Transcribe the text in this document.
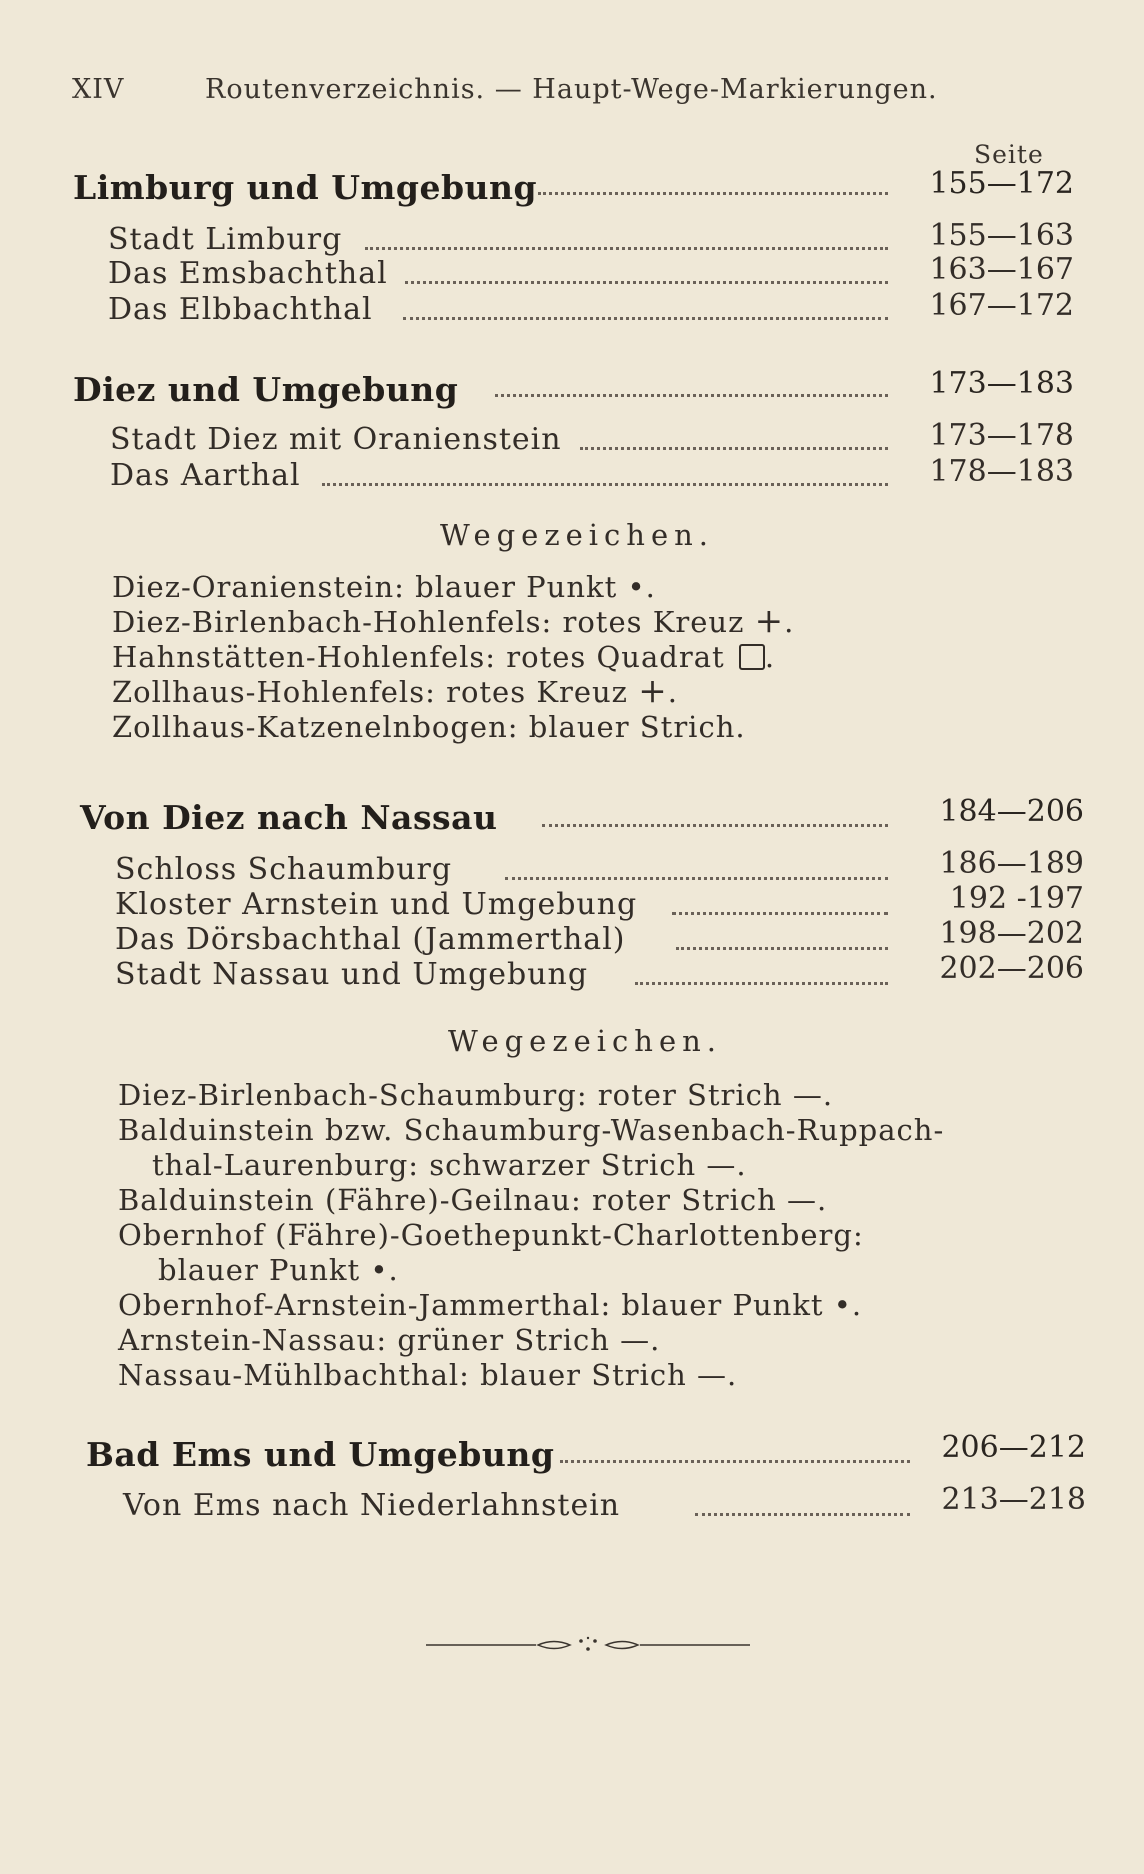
XIV	Routenverzeichnis. — Haupt-Wege-Markierungen.
Seite
Limburg und Umgebung	155—172
Stadt Limburg	155—163
Das Emsbachthal	163—167
Das Elbbachthal	167—172
Diez und Umgebung	173—183
Stadt Diez mit Oranienstein	173—178
Das Aarthal	178—183
Wegezeichen.
Diez-Oranienstein: blauer Punkt •.
Diez-Birlenbach-Hohlenfels: rotes Kreuz +.
Hahnstätten-Hohlenfels: rotes Quadrat .
Zollhaus-Hohlenfels: rotes Kreuz +.
Zollhaus-Katzenelnbogen: blauer Strich.
Von Diez nach Nassau	184—206
Schloss Schaumburg	186—189
Kloster Arnstein und Umgebung	192 -197
Das Dörsbachthal (Jammerthal)	198—202
Stadt Nassau und Umgebung	202—206
Wegezeichen.
Diez-Birlenbach-Schaumburg: roter Strich —.
Balduinstein bzw. Schaumburg-Wasenbach-Ruppach-
thal-Laurenburg: schwarzer Strich —.
Balduinstein (Fähre)-Geilnau: roter Strich —.
Obernhof (Fähre)-Goethepunkt-Charlottenberg:
blauer Punkt •.
Obernhof-Arnstein-Jammerthal: blauer Punkt •.
Arnstein-Nassau: grüner Strich —.
Nassau-Mühlbachthal: blauer Strich —.
Bad Ems und Umgebung	206—212
Von Ems nach Niederlahnstein	213—218
